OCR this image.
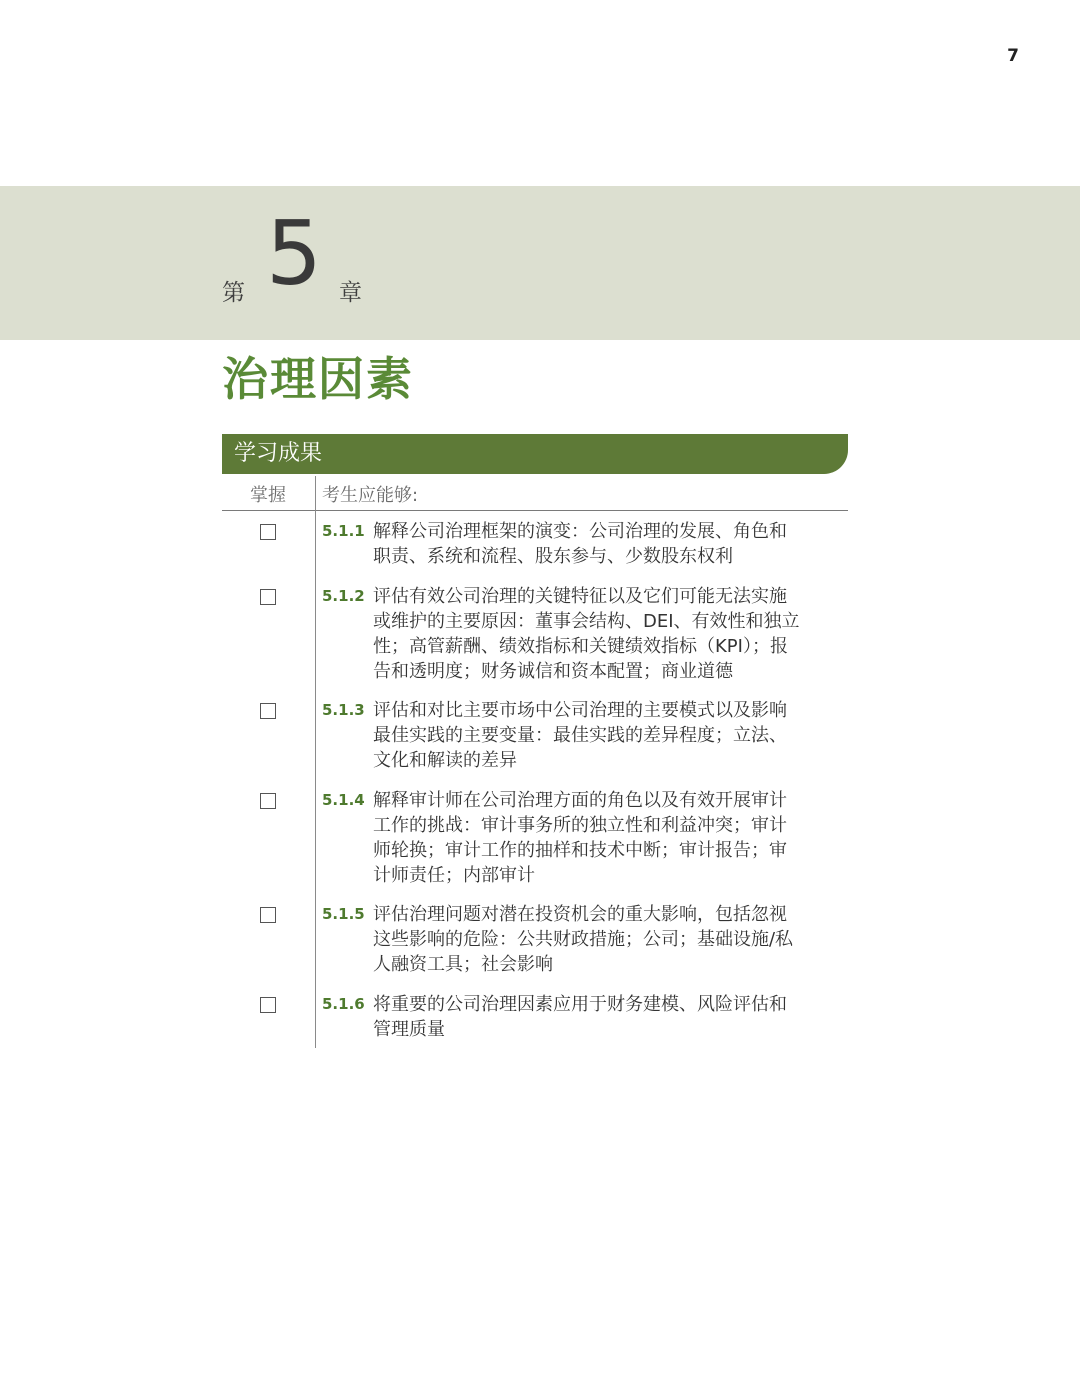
7
第 5 章
治理因素
学习成果
掌握	考生应能够:
5.1.1 解释公司治理框架的演变：公司治理的发展、角色和
职责、系统和流程、股东参与、少数股东权利
5.1.2 评估有效公司治理的关键特征以及它们可能无法实施
或维护的主要原因：董事会结构、DEI、有效性和独立
性；高管薪酬、绩效指标和关键绩效指标（KPI）；报
告和透明度；财务诚信和资本配置；商业道德
5.1.3 评估和对比主要市场中公司治理的主要模式以及影响
最佳实践的主要变量：最佳实践的差异程度；立法、
文化和解读的差异
5.1.4 解释审计师在公司治理方面的角色以及有效开展审计
工作的挑战：审计事务所的独立性和利益冲突；审计
师轮换；审计工作的抽样和技术中断；审计报告；审
计师责任；内部审计
5.1.5 评估治理问题对潜在投资机会的重大影响，包括忽视
这些影响的危险：公共财政措施；公司；基础设施/私
人融资工具；社会影响
5.1.6 将重要的公司治理因素应用于财务建模、风险评估和
管理质量
